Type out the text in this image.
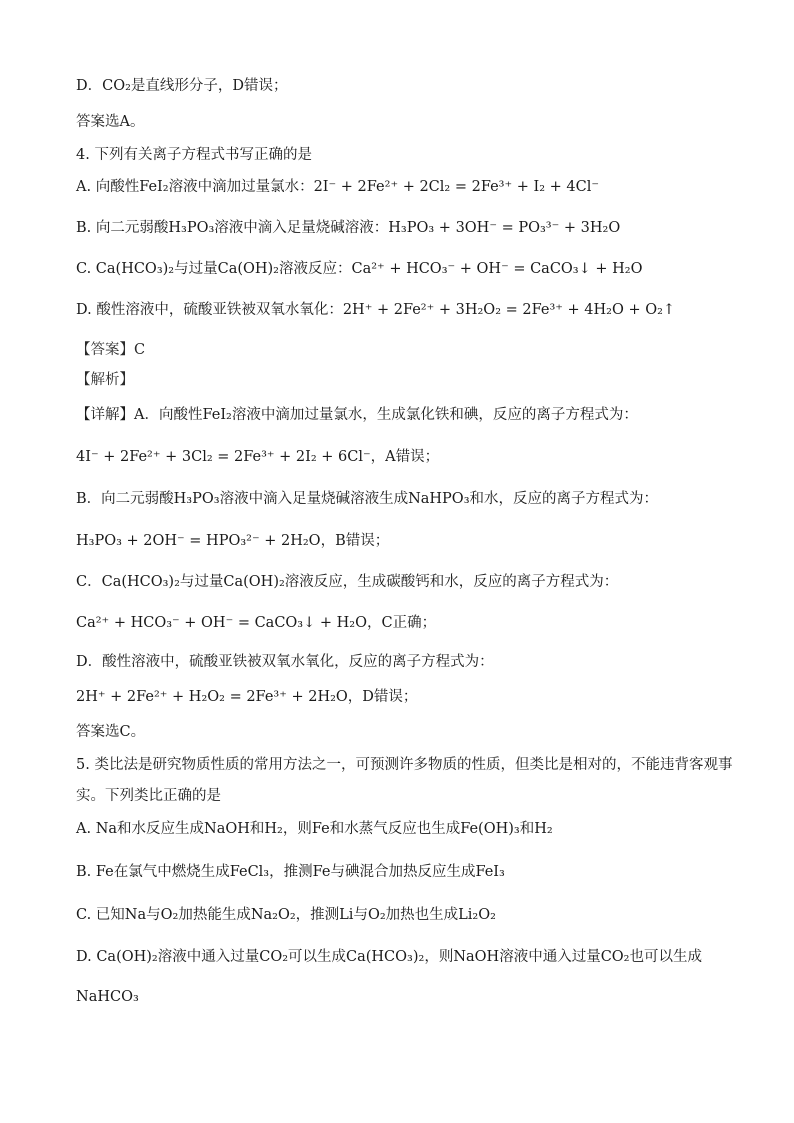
D．CO₂是直线形分子，D错误；
答案选A。
4. 下列有关离子方程式书写正确的是
A. 向酸性FeI₂溶液中滴加过量氯水：2I⁻ + 2Fe²⁺ + 2Cl₂ = 2Fe³⁺ + I₂ + 4Cl⁻
B. 向二元弱酸H₃PO₃溶液中滴入足量烧碱溶液：H₃PO₃ + 3OH⁻ = PO₃³⁻ + 3H₂O
C. Ca(HCO₃)₂与过量Ca(OH)₂溶液反应：Ca²⁺ + HCO₃⁻ + OH⁻ = CaCO₃↓ + H₂O
D. 酸性溶液中，硫酸亚铁被双氧水氧化：2H⁺ + 2Fe²⁺ + 3H₂O₂ = 2Fe³⁺ + 4H₂O + O₂↑
【答案】C
【解析】
【详解】A．向酸性FeI₂溶液中滴加过量氯水，生成氯化铁和碘，反应的离子方程式为：
4I⁻ + 2Fe²⁺ + 3Cl₂ = 2Fe³⁺ + 2I₂ + 6Cl⁻，A错误；
B．向二元弱酸H₃PO₃溶液中滴入足量烧碱溶液生成NaHPO₃和水，反应的离子方程式为：
H₃PO₃ + 2OH⁻ = HPO₃²⁻ + 2H₂O，B错误；
C．Ca(HCO₃)₂与过量Ca(OH)₂溶液反应，生成碳酸钙和水，反应的离子方程式为：
Ca²⁺ + HCO₃⁻ + OH⁻ = CaCO₃↓ + H₂O，C正确；
D．酸性溶液中，硫酸亚铁被双氧水氧化，反应的离子方程式为：
2H⁺ + 2Fe²⁺ + H₂O₂ = 2Fe³⁺ + 2H₂O，D错误；
答案选C。
5. 类比法是研究物质性质的常用方法之一，可预测许多物质的性质，但类比是相对的，不能违背客观事
实。下列类比正确的是
A. Na和水反应生成NaOH和H₂，则Fe和水蒸气反应也生成Fe(OH)₃和H₂
B. Fe在氯气中燃烧生成FeCl₃，推测Fe与碘混合加热反应生成FeI₃
C. 已知Na与O₂加热能生成Na₂O₂，推测Li与O₂加热也生成Li₂O₂
D. Ca(OH)₂溶液中通入过量CO₂可以生成Ca(HCO₃)₂，则NaOH溶液中通入过量CO₂也可以生成
NaHCO₃
